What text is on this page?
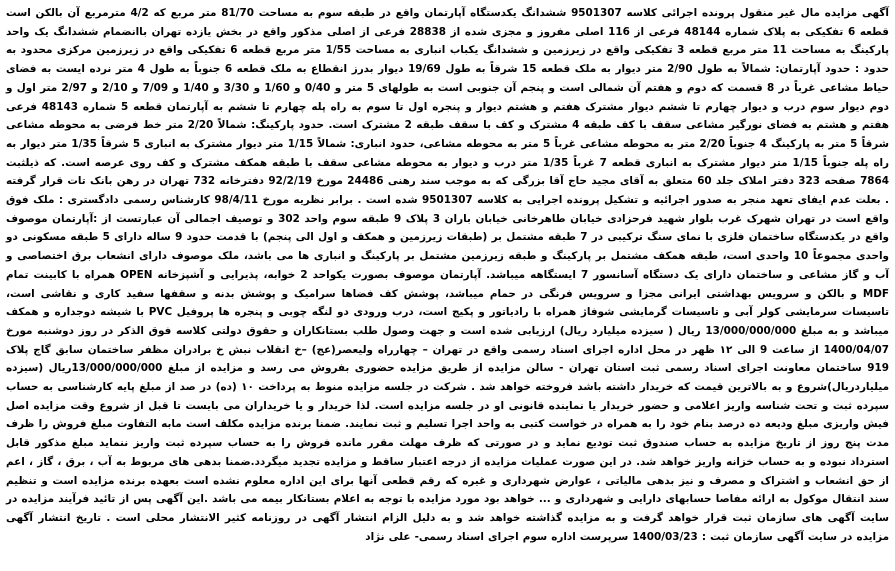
آگهی مزایده مال غیر منقول پرونده اجرائی کلاسه 9501307 ششدانگ یکدستگاه آپارتمان واقع در طبقه سوم به مساحت 81/70 متر مربع که 4/2 مترمربع آن بالکن است قطعه 6 تفکیکی به پلاک شماره 48144 فرعی از 116 اصلی مفروز و مجزی شده از 28838 فرعی از اصلی مذکور واقع در بخش یازده تهران باانضمام ششدانگ یک واحد پارکینگ به مساحت 11 متر مربع قطعه 3 تفکیکی واقع در زیرزمین و ششدانگ یکباب انباری به مساحت 1/55 متر مربع قطعه 6 تفکیکی واقع در زیرزمین مرکزی محدود به حدود : حدود آپارتمان: شمالاً به طول 2/90 متر دیوار به ملک قطعه 15 شرقاً به طول 19/69 دیوار بدرز انقطاع به ملک قطعه 6 جنوباً به طول 4 متر نرده ایست به فضای حیاط مشاعی غرباً در 8 قسمت که دوم و هفتم آن شمالی است و پنجم آن جنوبی است به طولهای 5 متر و 0/40 و 1/60 و 3/30 و 1/40 و 7/09 و 2/10 و 2/97 متر اول و دوم دیوار سوم درب و دیوار چهارم تا ششم دیوار مشترک هفتم و هشتم دیوار و پنجره اول تا سوم به راه پله چهارم تا ششم به آپارتمان قطعه 5 شماره 48143 فرعی هفتم و هشتم به فضای نورگیر مشاعی سقف با کف طبقه 4 مشترک و کف با سقف طبقه 2 مشترک است. حدود پارکینگ: شمالاً 2/20 متر خط فرضی به محوطه مشاعی شرقاً 5 متر به پارکینگ 4 جنوباً 2/20 متر به محوطه مشاعی غرباً 5 متر به محوطه مشاعی، حدود انباری: شمالاً 1/15 متر دیوار مشترک به انباری 5 شرقاً 1/35 متر دیوار به راه پله جنوباً 1/15 متر دیوار مشترک به انباری قطعه 7 غرباً 1/35 متر درب و دیوار به محوطه مشاعی سقف با طبقه همکف مشترک و کف روی عرصه است. که ذیلثبت 7864 صفحه 323 دفتر املاک جلد 60 متعلق به آقای مجید حاج آقا بزرگی که به موجب سند رهنی 24486 مورخ 92/2/19 دفترخانه 732 تهران در رهن بانک تات قرار گرفته . بعلت عدم ایفای تعهد منجر به صدور اجرائیه و تشکیل پرونده اجرایی به کلاسه 9501307 شده است . برابر نظریه مورخ 98/4/11 کارشناس رسمی دادگستری : ملک فوق واقع است در تهران شهرک غرب بلوار شهید فرحزادی خیابان طاهرخانی خیابان باران 3 پلاک 9 طبقه سوم واحد 302 و توصیف اجمالی آن عبارتست از :آپارتمان موصوف واقع در یکدستگاه ساختمان فلزی با نمای سنگ ترکیبی در 7 طبقه مشتمل بر (طبقات زیرزمین و همکف و اول الی پنجم) با قدمت حدود 9 ساله دارای 5 طبقه مسکونی دو واحدی مجموعاً 10 واحدی است، طبقه همکف مشتمل بر پارکینگ و طبقه زیرزمین مشتمل بر پارکینگ و انباری ها می باشد، ملک موصوف دارای انشعاب برق اختصاصی و آب و گاز مشاعی و ساختمان دارای یک دستگاه آسانسور 7 ایستگاهه میباشد. آپارتمان موصوف بصورت یکواحد 2 خوابه، پذیرایی و آشپزخانه OPEN همراه با کابینت تمام MDF و بالکن و سرویس بهداشتی ایرانی مجزا و سرویس فرنگی در حمام میباشد، پوشش کف فضاها سرامیک و پوشش بدنه و سقفها سفید کاری و نقاشی است، تاسیسات سرمایشی کولر آبی و تاسیسات گرمایشی شوفاژ همراه با رادیاتور و پکیج است، درب ورودی دو لنگه چوبی و پنجره ها پروفیل PVC با شیشه دوجداره و همکف میباشد و به مبلغ 13/000/000/000 ریال ( سیزده میلیارد ریال) ارزیابی شده است و جهت وصول طلب بستانکاران و حقوق دولتی کلاسه فوق الذکر در روز دوشنبه مورخ 1400/04/07 از ساعت 9 الی ۱۲ ظهر در محل اداره اجرای اسناد رسمی واقع در تهران – چهارراه ولیعصر(عج) –خ انقلاب نبش خ برادران مظفر ساختمان سابق گاج پلاک 919 ساختمان معاونت اجرای اسناد رسمی ثبت استان تهران - سالن مزایده از طریق مزایده حضوری بفروش می رسد و مزایده از مبلغ 13/000/000/000ریال (سیزده میلیاردریال)شروع و به بالاترین قیمت که خریدار داشته باشد فروخته خواهد شد . شرکت در جلسه مزایده منوط به پرداخت ۱۰ (ده) در صد از مبلغ پایه کارشناسی به حساب سپرده ثبت و تحت شناسه واریز اعلامی و حضور خریدار یا نماینده قانونی او در جلسه مزایده است. لذا خریدار و یا خریداران می بایست تا قبل از شروع وقت مزایده اصل فیش واریزی مبلغ ودیعه ده درصد بنام خود را به همراه در خواست کتبی به واحد اجرا تسلیم و ثبت نمایند. ضمنا برنده مزایده مکلف است مابه التفاوت مبلغ فروش را ظرف مدت پنج روز از تاریخ مزایده به حساب صندوق ثبت تودیع نماید و در صورتی که ظرف مهلت مقرر مانده فروش را به حساب سپرده ثبت واریز ننماید مبلغ مذکور قابل استرداد نبوده و به حساب خزانه واریز خواهد شد. در این صورت عملیات مزایده از درجه اعتبار ساقط و مزایده تجدید میگردد.ضمنا بدهی های مربوط به آب ، برق ، گاز ، اعم از حق انشعاب و اشتراک و مصرف و نیز بدهی مالیاتی ، عوارض شهرداری و غیره که رقم قطعی آنها برای این اداره معلوم نشده است بعهده برنده مزایده است و تنظیم سند انتقال موکول به ارائه مفاصا حسابهای دارایی و شهرداری و ... خواهد بود مورد مزایده با توجه به اعلام بستانکار بیمه می باشد .این آگهی پس از تائید فرآیند مزایده در سایت آگهی های سازمان ثبت قرار خواهد گرفت و به مزایده گذاشته خواهد شد و به دلیل الزام انتشار آگهی در روزنامه کثیر الانتشار محلی است . تاریخ انتشار آگهی مزایده در سایت آگهی سازمان ثبت : 1400/03/23 سرپرست اداره سوم اجرای اسناد رسمی- علی نژاد
